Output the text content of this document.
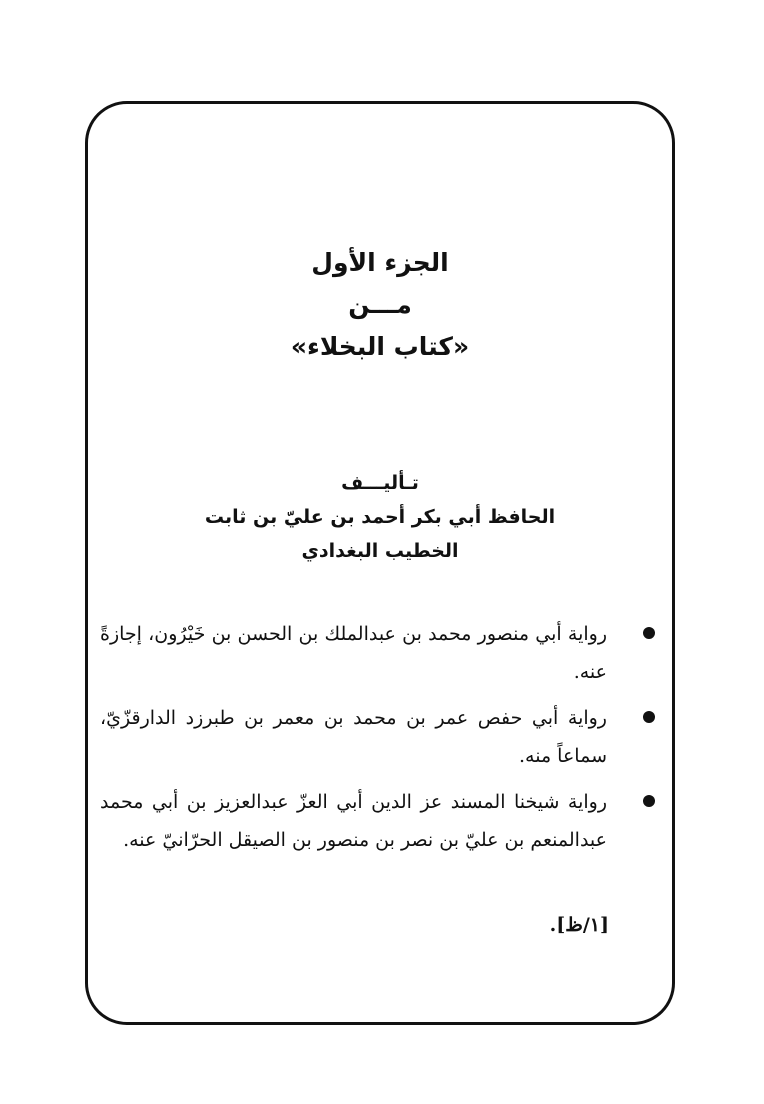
الجزء الأول

مـــن

«كتاب البخلاء»

تـأليـــف

الحافظ أبي بكر أحمد بن عليّ بن ثابت

الخطيب البغدادي

رواية أبي منصور محمد بن عبدالملك بن الحسن بن خَيْرُون، إجازةً عنه.
رواية أبي حفص عمر بن محمد بن معمر بن طبرزد الدارقزّيّ، سماعاً منه.
رواية شيخنا المسند عز الدين أبي العزّ عبدالعزيز بن أبي محمد عبدالمنعم بن عليّ بن نصر بن منصور بن الصيقل الحرّانيّ عنه.
[١/ظ].
